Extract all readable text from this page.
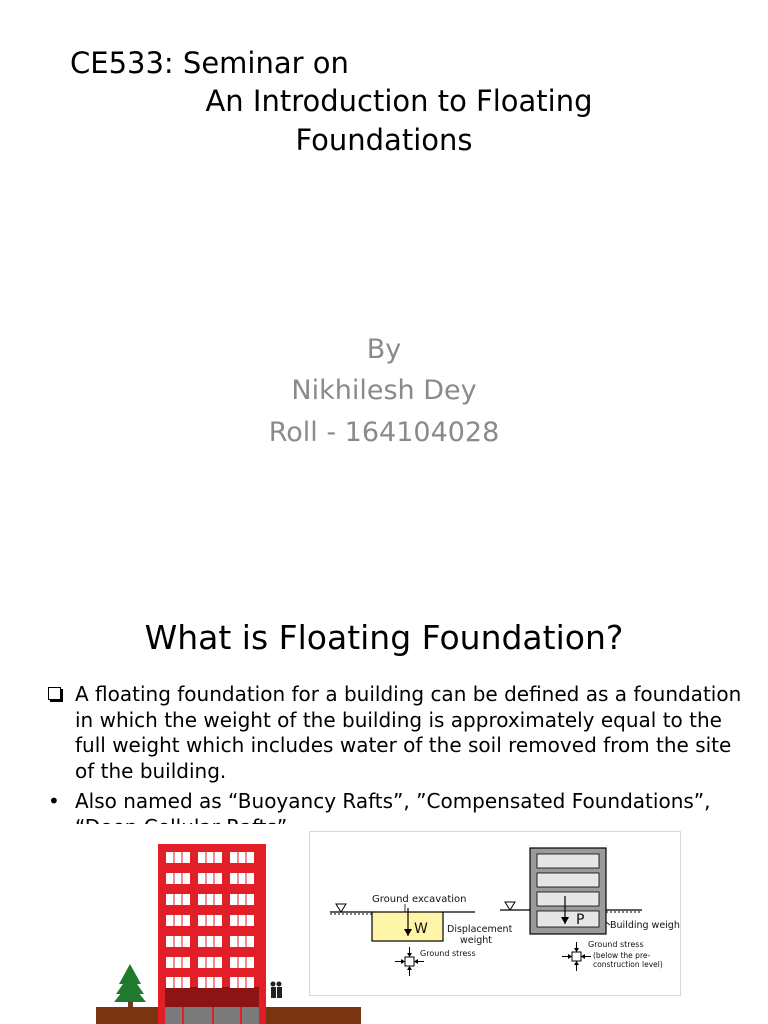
CE533: Seminar on
An Introduction to Floating
Foundations
By
Nikhilesh Dey
Roll - 164104028
What is Floating Foundation?
A floating foundation for a building can be defined as a foundation in which the weight of the building is approximately equal to the full weight which includes water of the soil removed from the site of the building.
• Also named as “Buoyancy Rafts”, ”Compensated Foundations”,
W
Ground excavation
Displacement
weight
Ground stress
P	Building weight
Ground stress
(below the pre-
construction level)
